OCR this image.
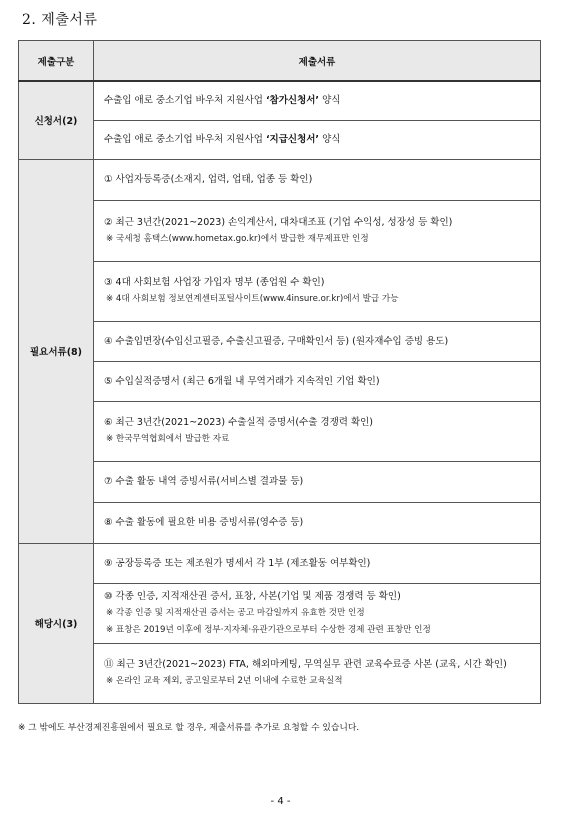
2. 제출서류
제출구분	제출서류
신청서(2)	수출입 애로 중소기업 바우처 지원사업 ‘참가신청서’ 양식
	수출입 애로 중소기업 바우처 지원사업 ‘지급신청서’ 양식
필요서류(8)	① 사업자등록증(소재지, 업력, 업태, 업종 등 확인)

	② 최근 3년간(2021~2023) 손익계산서, 대차대조표 (기업 수익성, 성장성 등 확인)
※ 국세청 홈택스(www.hometax.go.kr)에서 발급한 재무제표만 인정

	③ 4대 사회보험 사업장 가입자 명부 (종업원 수 확인)
※ 4대 사회보험 정보연계센터포털사이트(www.4insure.or.kr)에서 발급 가능

	④ 수출입면장(수입신고필증, 수출신고필증, 구매확인서 등) (원자재수입 증빙 용도)

	⑤ 수입실적증명서 (최근 6개월 내 무역거래가 지속적인 기업 확인)

	⑥ 최근 3년간(2021~2023) 수출실적 증명서(수출 경쟁력 확인)
※ 한국무역협회에서 발급한 자료

	⑦ 수출 활동 내역 증빙서류(서비스별 결과물 등)

	⑧ 수출 활동에 필요한 비용 증빙서류(영수증 등)

해당시(3)	⑨ 공장등록증 또는 제조원가 명세서 각 1부 (제조활동 여부확인)

	⑩ 각종 인증, 지적재산권 증서, 표창, 사본(기업 및 제품 경쟁력 등 확인)
※ 각종 인증 및 지적재산권 증서는 공고 마감일까지 유효한 것만 인정
※ 표창은 2019년 이후에 정부·지자체·유관기관으로부터 수상한 경제 관련 표창만 인정

	⑪ 최근 3년간(2021~2023) FTA, 해외마케팅, 무역실무 관련 교육수료증 사본 (교육, 시간 확인)
※ 온라인 교육 제외, 공고일로부터 2년 이내에 수료한 교육실적
※ 그 밖에도 부산경제진흥원에서 필요로 할 경우, 제출서류를 추가로 요청할 수 있습니다.
- 4 -
